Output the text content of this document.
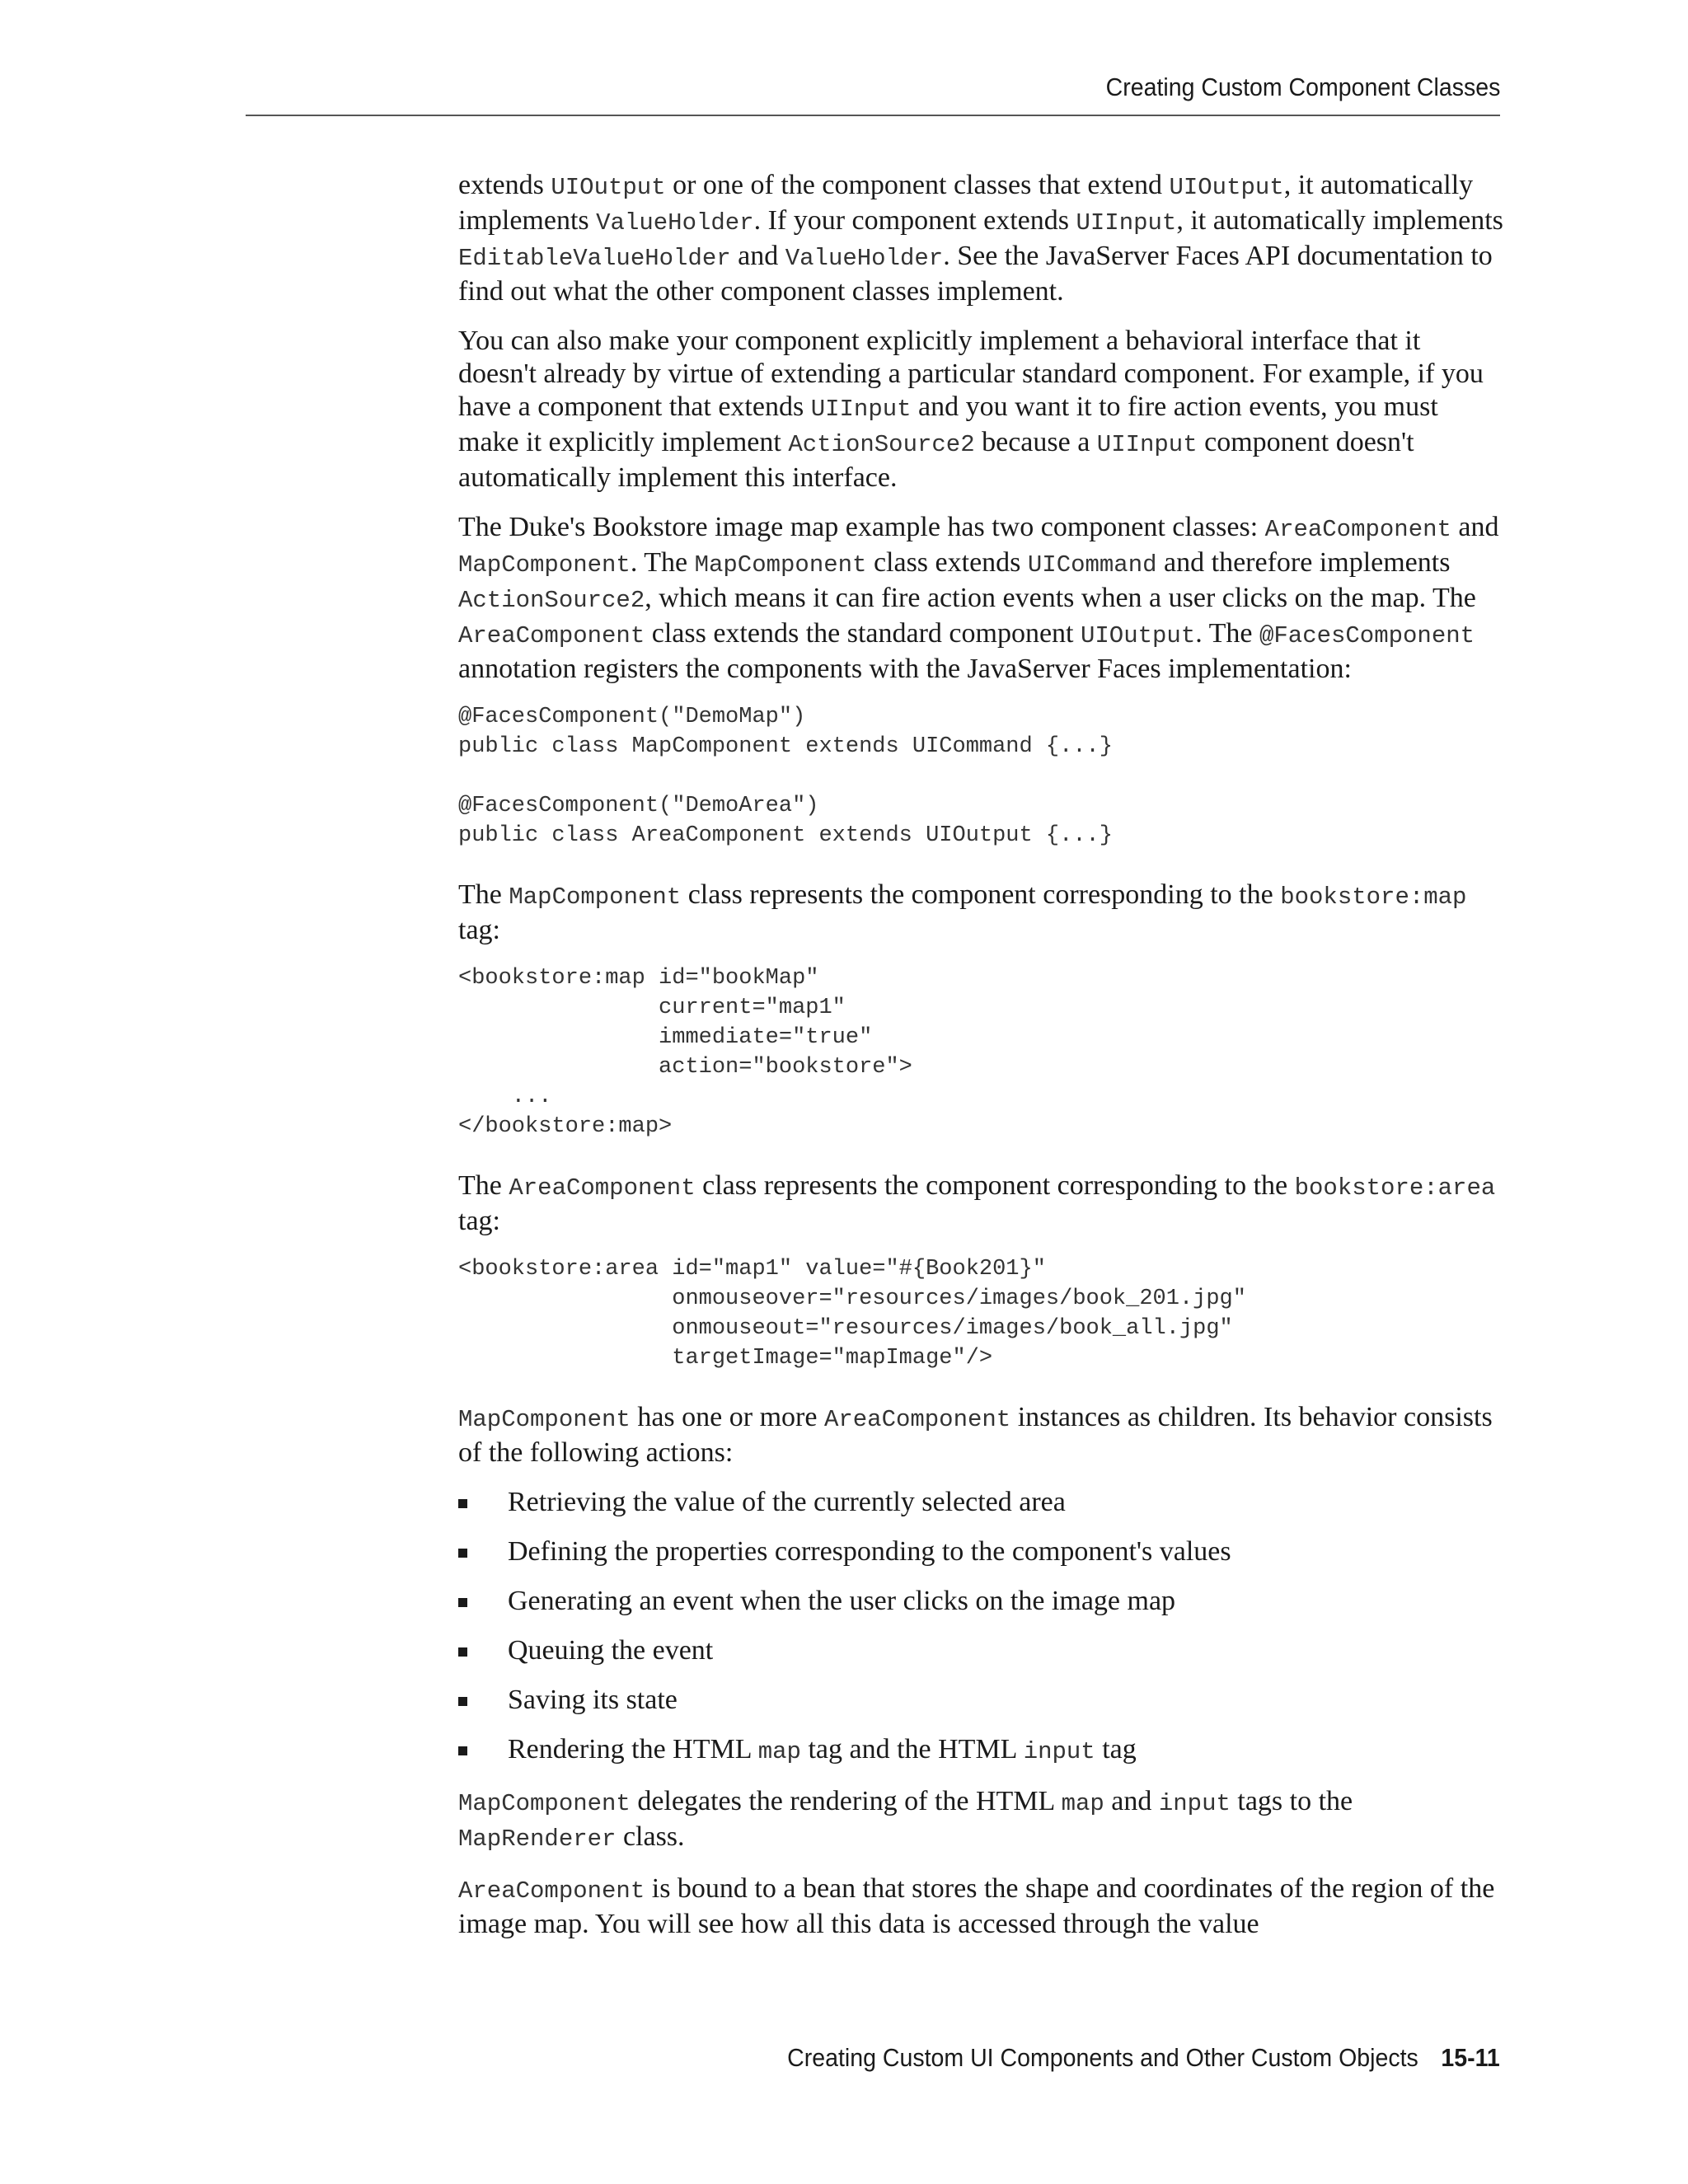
Creating Custom Component Classes

extends UIOutput or one of the component classes that extend UIOutput, it automatically implements ValueHolder. If your component extends UIInput, it automatically implements EditableValueHolder and ValueHolder. See the JavaServer Faces API documentation to find out what the other component classes implement.

You can also make your component explicitly implement a behavioral interface that it doesn't already by virtue of extending a particular standard component. For example, if you have a component that extends UIInput and you want it to fire action events, you must make it explicitly implement ActionSource2 because a UIInput component doesn't automatically implement this interface.

The Duke's Bookstore image map example has two component classes: AreaComponent and MapComponent. The MapComponent class extends UICommand and therefore implements ActionSource2, which means it can fire action events when a user clicks on the map. The AreaComponent class extends the standard component UIOutput. The @FacesComponent annotation registers the components with the JavaServer Faces implementation:

@FacesComponent("DemoMap")
public class MapComponent extends UICommand {...}

@FacesComponent("DemoArea")
public class AreaComponent extends UIOutput {...}

The MapComponent class represents the component corresponding to the bookstore:map tag:

<bookstore:map id="bookMap"
current="map1"
immediate="true"
action="bookstore">
...
</bookstore:map>

The AreaComponent class represents the component corresponding to the bookstore:area tag:

<bookstore:area id="map1" value="#{Book201}"
onmouseover="resources/images/book_201.jpg"
onmouseout="resources/images/book_all.jpg"
targetImage="mapImage"/>

MapComponent has one or more AreaComponent instances as children. Its behavior consists of the following actions:

Retrieving the value of the currently selected area
Defining the properties corresponding to the component's values
Generating an event when the user clicks on the image map
Queuing the event
Saving its state
Rendering the HTML map tag and the HTML input tag

MapComponent delegates the rendering of the HTML map and input tags to the MapRenderer class.

AreaComponent is bound to a bean that stores the shape and coordinates of the region of the image map. You will see how all this data is accessed through the value

Creating Custom UI Components and Other Custom Objects 15-11
